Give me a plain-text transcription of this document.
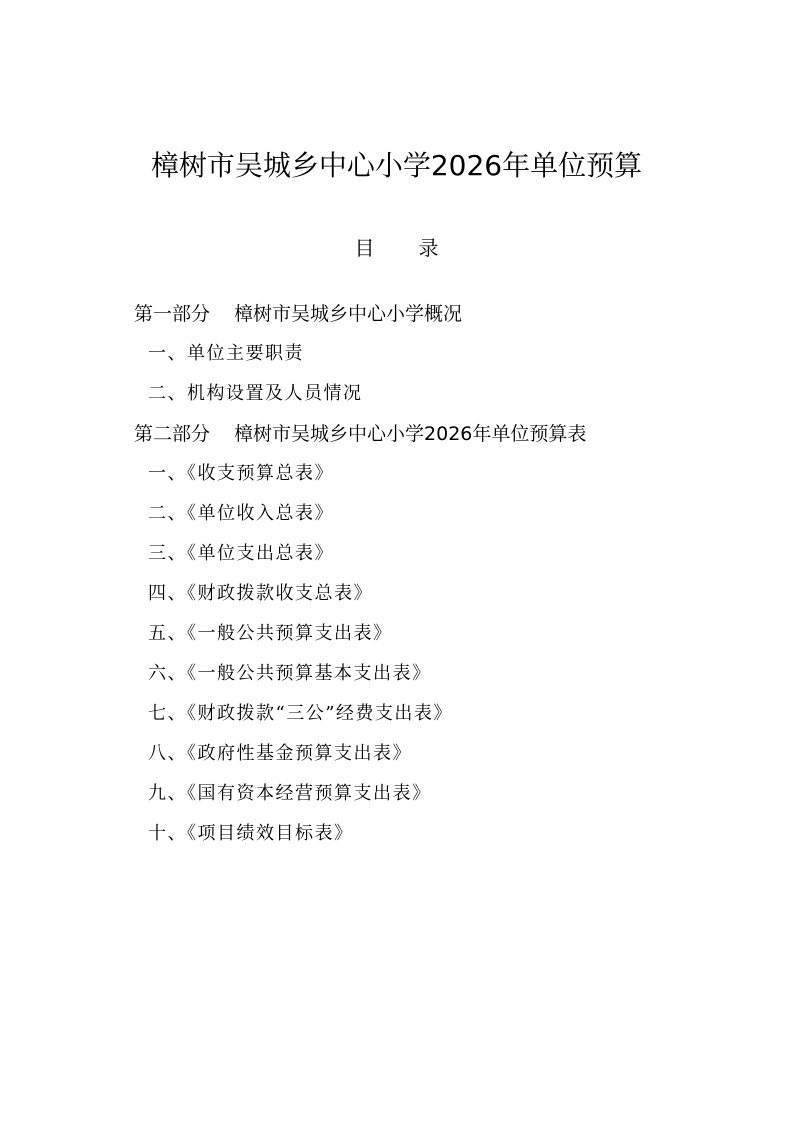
樟树市吴城乡中心小学2026年单位预算
目 录
第一部分 樟树市吴城乡中心小学概况
一、单位主要职责
二、机构设置及人员情况
第二部分 樟树市吴城乡中心小学2026年单位预算表
一、《收支预算总表》
二、《单位收入总表》
三、《单位支出总表》
四、《财政拨款收支总表》
五、《一般公共预算支出表》
六、《一般公共预算基本支出表》
七、《财政拨款“三公”经费支出表》
八、《政府性基金预算支出表》
九、《国有资本经营预算支出表》
十、《项目绩效目标表》
